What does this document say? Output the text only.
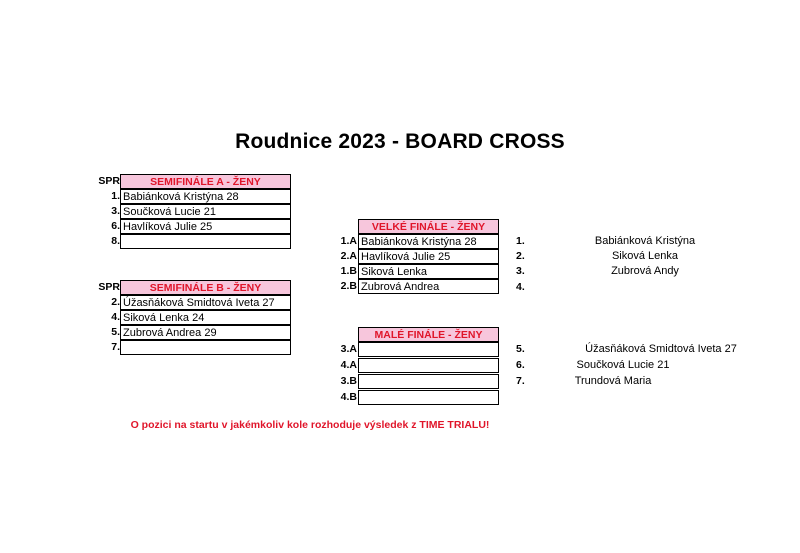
Roudnice 2023 - BOARD CROSS
SPR	SEMIFINÁLE A - ŽENY
1. Babiánková Kristýna 28
3. Součková Lucie 21
6. Havlíková Julie 25
8.
SPR	SEMIFINÁLE B - ŽENY
2. Úžasňáková Smidtová Iveta 27
4. Siková Lenka 24
5. Zubrová Andrea 29
7.
VELKÉ FINÁLE - ŽENY
1.A Babiánková Kristýna 28
2.A Havlíková Julie 25
1.B Siková Lenka
2.B Zubrová Andrea
MALÉ FINÁLE - ŽENY
3.A
4.A
3.B
4.B
1.	Babiánková Kristýna
2.	Siková Lenka
3.	Zubrová Andy
4.
5.	Úžasňáková Smidtová Iveta 27
6.	Součková Lucie 21
7.	Trundová Maria
O pozici na startu v jakémkoliv kole rozhoduje výsledek z TIME TRIALU!
